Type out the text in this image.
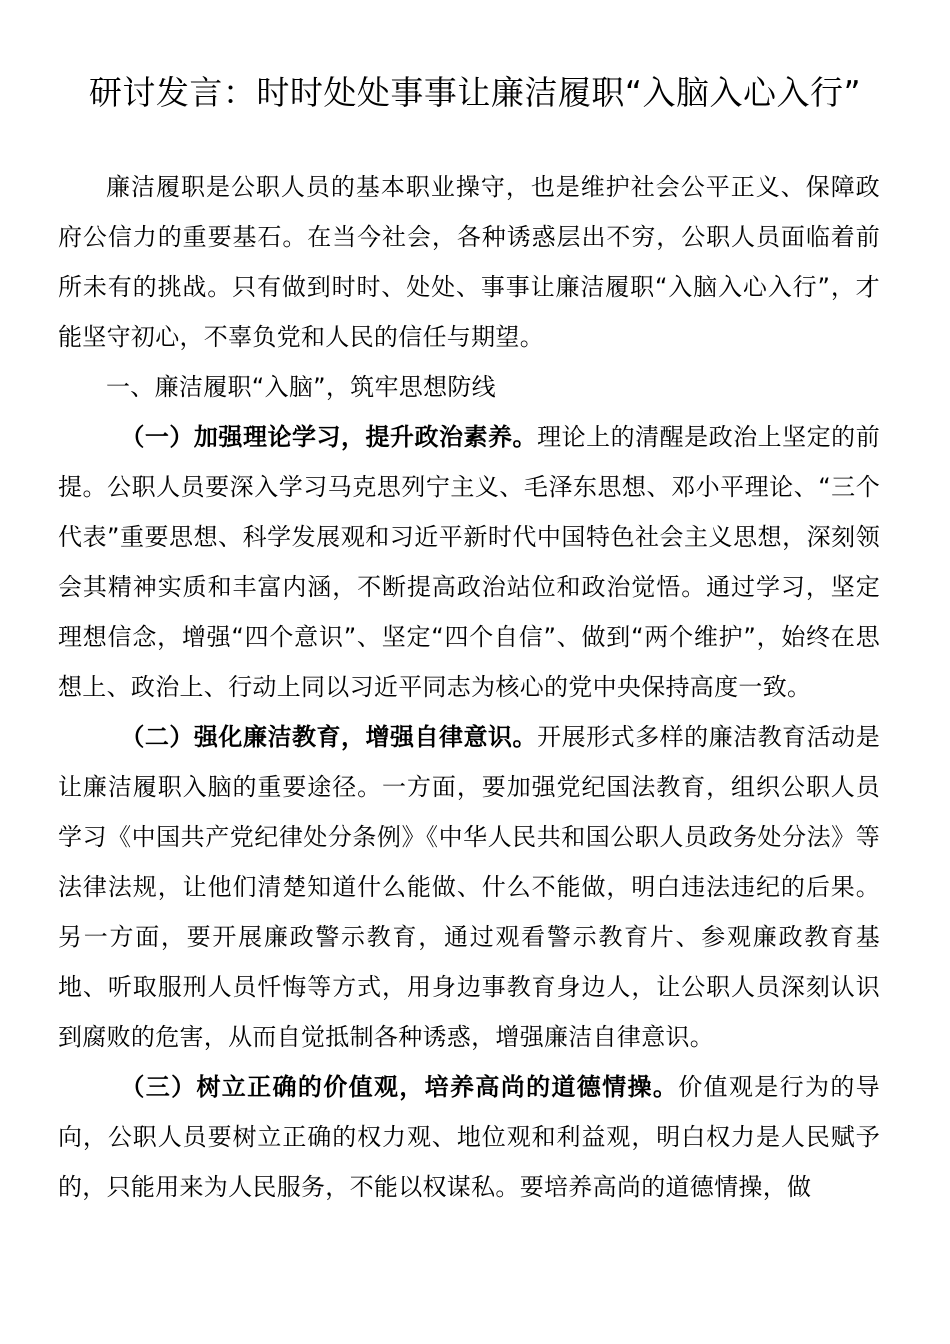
研讨发言：时时处处事事让廉洁履职“入脑入心入行”

廉洁履职是公职人员的基本职业操守，也是维护社会公平正义、保障政府公信力的重要基石。在当今社会，各种诱惑层出不穷，公职人员面临着前所未有的挑战。只有做到时时、处处、事事让廉洁履职“入脑入心入行”，才能坚守初心，不辜负党和人民的信任与期望。

一、廉洁履职“入脑”，筑牢思想防线

（一）加强理论学习，提升政治素养。理论上的清醒是政治上坚定的前提。公职人员要深入学习马克思列宁主义、毛泽东思想、邓小平理论、“三个代表”重要思想、科学发展观和习近平新时代中国特色社会主义思想，深刻领会其精神实质和丰富内涵，不断提高政治站位和政治觉悟。通过学习，坚定理想信念，增强“四个意识”、坚定“四个自信”、做到“两个维护”，始终在思想上、政治上、行动上同以习近平同志为核心的党中央保持高度一致。

（二）强化廉洁教育，增强自律意识。开展形式多样的廉洁教育活动是让廉洁履职入脑的重要途径。一方面，要加强党纪国法教育，组织公职人员学习《中国共产党纪律处分条例》《中华人民共和国公职人员政务处分法》等法律法规，让他们清楚知道什么能做、什么不能做，明白违法违纪的后果。另一方面，要开展廉政警示教育，通过观看警示教育片、参观廉政教育基地、听取服刑人员忏悔等方式，用身边事教育身边人，让公职人员深刻认识到腐败的危害，从而自觉抵制各种诱惑，增强廉洁自律意识。

（三）树立正确的价值观，培养高尚的道德情操。价值观是行为的导向，公职人员要树立正确的权力观、地位观和利益观，明白权力是人民赋予的，只能用来为人民服务，不能以权谋私。要培养高尚的道德情操，做
